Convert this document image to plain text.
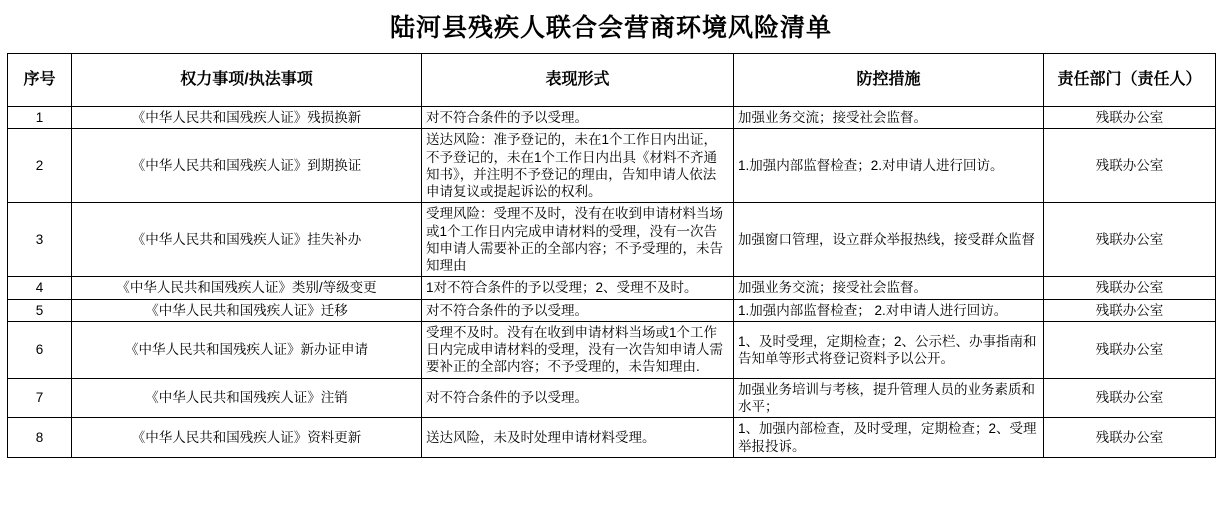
陆河县残疾人联合会营商环境风险清单
序号	权力事项/执法事项	表现形式	防控措施	责任部门（责任人）
1	《中华人民共和国残疾人证》残损换新	对不符合条件的予以受理。	加强业务交流；接受社会监督。	残联办公室
2	《中华人民共和国残疾人证》到期换证	送达风险：准予登记的，未在1个工作日内出证，不予登记的，未在1个工作日内出具《材料不齐通知书》，并注明不予登记的理由，告知申请人依法申请复议或提起诉讼的权利。	1.加强内部监督检查；2.对申请人进行回访。	残联办公室
3	《中华人民共和国残疾人证》挂失补办	受理风险：受理不及时，没有在收到申请材料当场或1个工作日内完成申请材料的受理，没有一次告知申请人需要补正的全部内容；不予受理的，未告知理由	加强窗口管理，设立群众举报热线，接受群众监督	残联办公室
4	《中华人民共和国残疾人证》类别/等级变更	1对不符合条件的予以受理；2、受理不及时。	加强业务交流；接受社会监督。	残联办公室
5	《中华人民共和国残疾人证》迁移	对不符合条件的予以受理。	1.加强内部监督检查； 2.对申请人进行回访。	残联办公室
6	《中华人民共和国残疾人证》新办证申请	受理不及时。没有在收到申请材料当场或1个工作日内完成申请材料的受理，没有一次告知申请人需要补正的全部内容；不予受理的，未告知理由.	1、及时受理，定期检查；2、公示栏、办事指南和告知单等形式将登记资料予以公开。	残联办公室
7	《中华人民共和国残疾人证》注销	对不符合条件的予以受理。	加强业务培训与考核，提升管理人员的业务素质和水平；	残联办公室
8	《中华人民共和国残疾人证》资料更新	送达风险，未及时处理申请材料受理。	1、加强内部检查，及时受理，定期检查；2、受理举报投诉。	残联办公室
